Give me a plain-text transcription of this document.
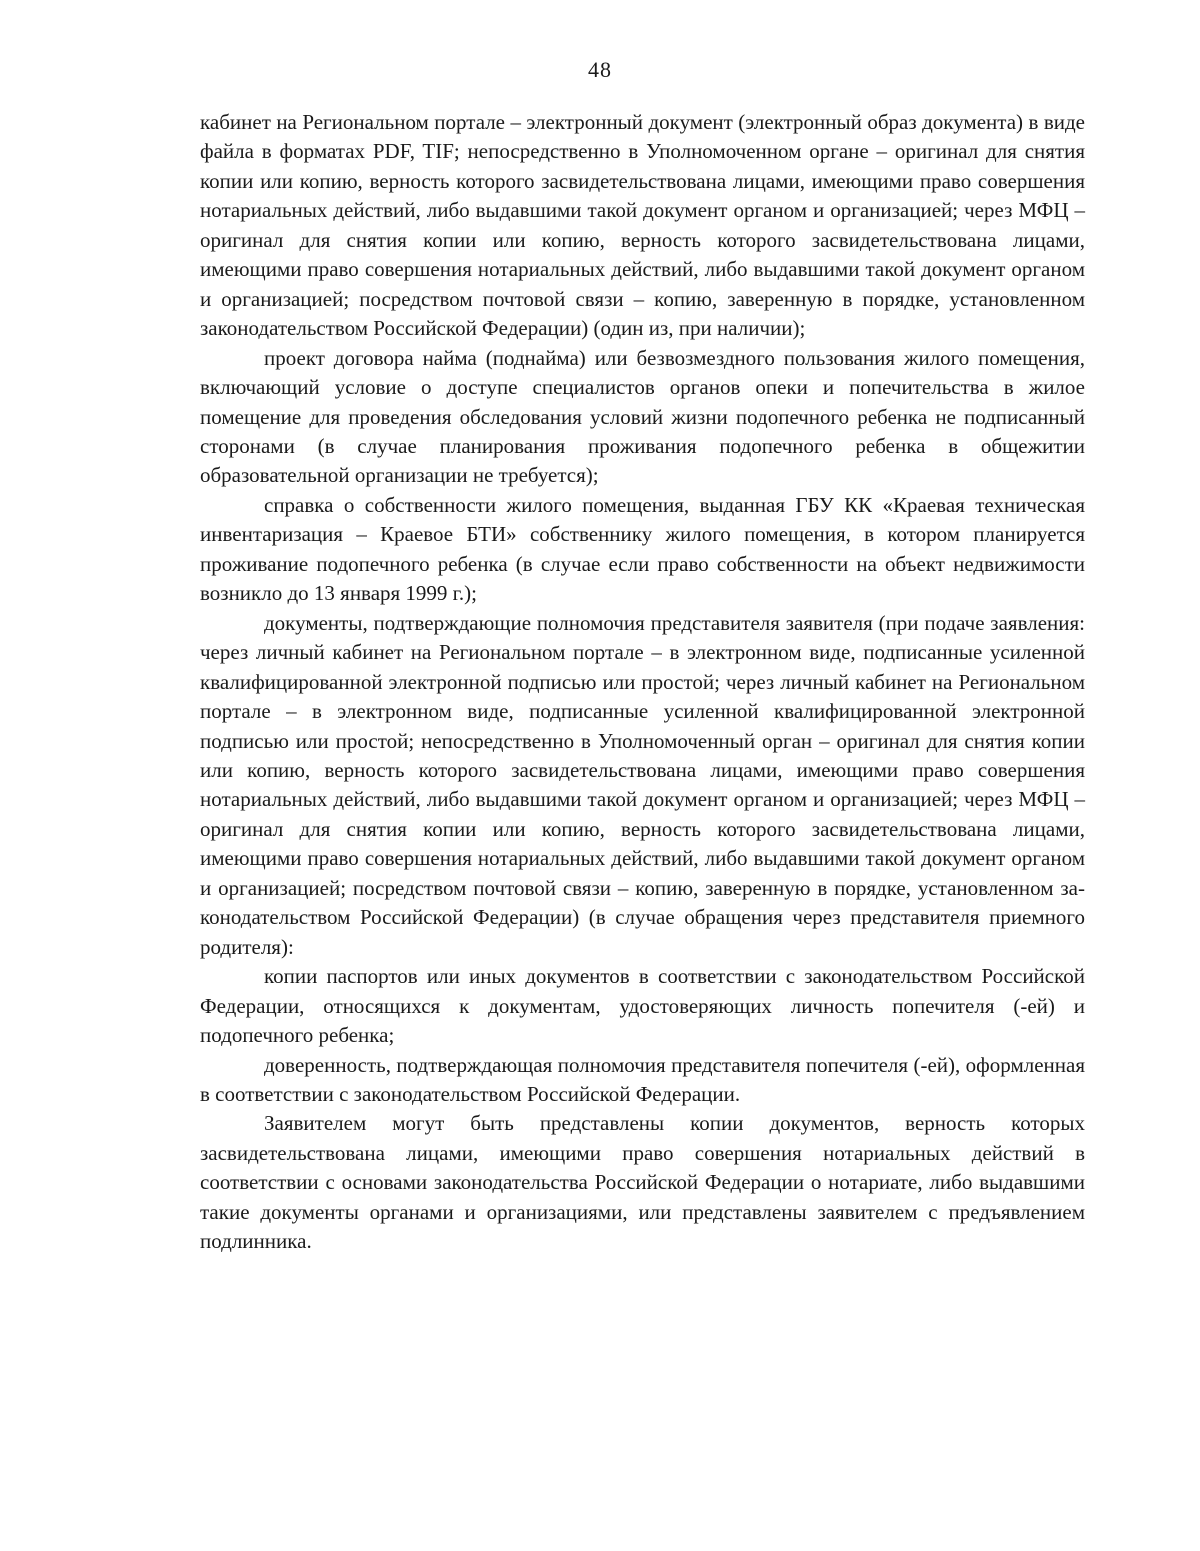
48

кабинет на Региональном портале – электронный документ (электронный образ документа) в виде файла в форматах PDF, TIF; непосредственно в Уполномоченном органе – оригинал для снятия копии или копию, верность которого засвидетельствована лицами, имеющими право совершения нотариальных действий, либо выдавшими такой документ органом и организацией; через МФЦ – оригинал для снятия копии или копию, верность которого засвидетельствована лицами, имеющими право совершения нотариальных действий, либо выдавшими такой документ органом и организацией; посредством почтовой связи – копию, заверенную в порядке, установленном законодательством Российской Федерации) (один из, при наличии);

проект договора найма (поднайма) или безвозмездного пользования жилого помещения, включающий условие о доступе специалистов органов опеки и попечительства в жилое помещение для проведения обследования условий жизни подопечного ребенка не подписанный сторонами (в случае планирования проживания подопечного ребенка в общежитии образовательной организации не требуется);

справка о собственности жилого помещения, выданная ГБУ КК «Краевая техническая инвентаризация – Краевое БТИ» собственнику жилого помещения, в котором планируется проживание подопечного ребенка (в случае если право собственности на объект недвижимости возникло до 13 января 1999 г.);

документы, подтверждающие полномочия представителя заявителя (при подаче заявления: через личный кабинет на Региональном портале – в электронном виде, подписанные усиленной квалифицированной электронной подписью или простой; через личный кабинет на Региональном портале – в электронном виде, подписанные усиленной квалифицированной электронной подписью или простой; непосредственно в Уполномоченный орган – оригинал для снятия копии или копию, верность которого засвидетельствована лицами, имеющими право совершения нотариальных действий, либо выдавшими такой документ органом и организацией; через МФЦ – оригинал для снятия копии или копию, верность которого засвидетельствована лицами, имеющими право совершения нотариальных действий, либо выдавшими такой документ органом и организацией; посредством почтовой связи – копию, заверенную в порядке, установленном законодательством Российской Федерации) (в случае обращения через представителя приемного родителя):

копии паспортов или иных документов в соответствии с законодательством Российской Федерации, относящихся к документам, удостоверяющих личность попечителя (-ей) и подопечного ребенка;

доверенность, подтверждающая полномочия представителя попечителя (-ей), оформленная в соответствии с законодательством Российской Федерации.

Заявителем могут быть представлены копии документов, верность которых засвидетельствована лицами, имеющими право совершения нотариальных действий в соответствии с основами законодательства Российской Федерации о нотариате, либо выдавшими такие документы органами и организациями, или представлены заявителем с предъявлением подлинника.
